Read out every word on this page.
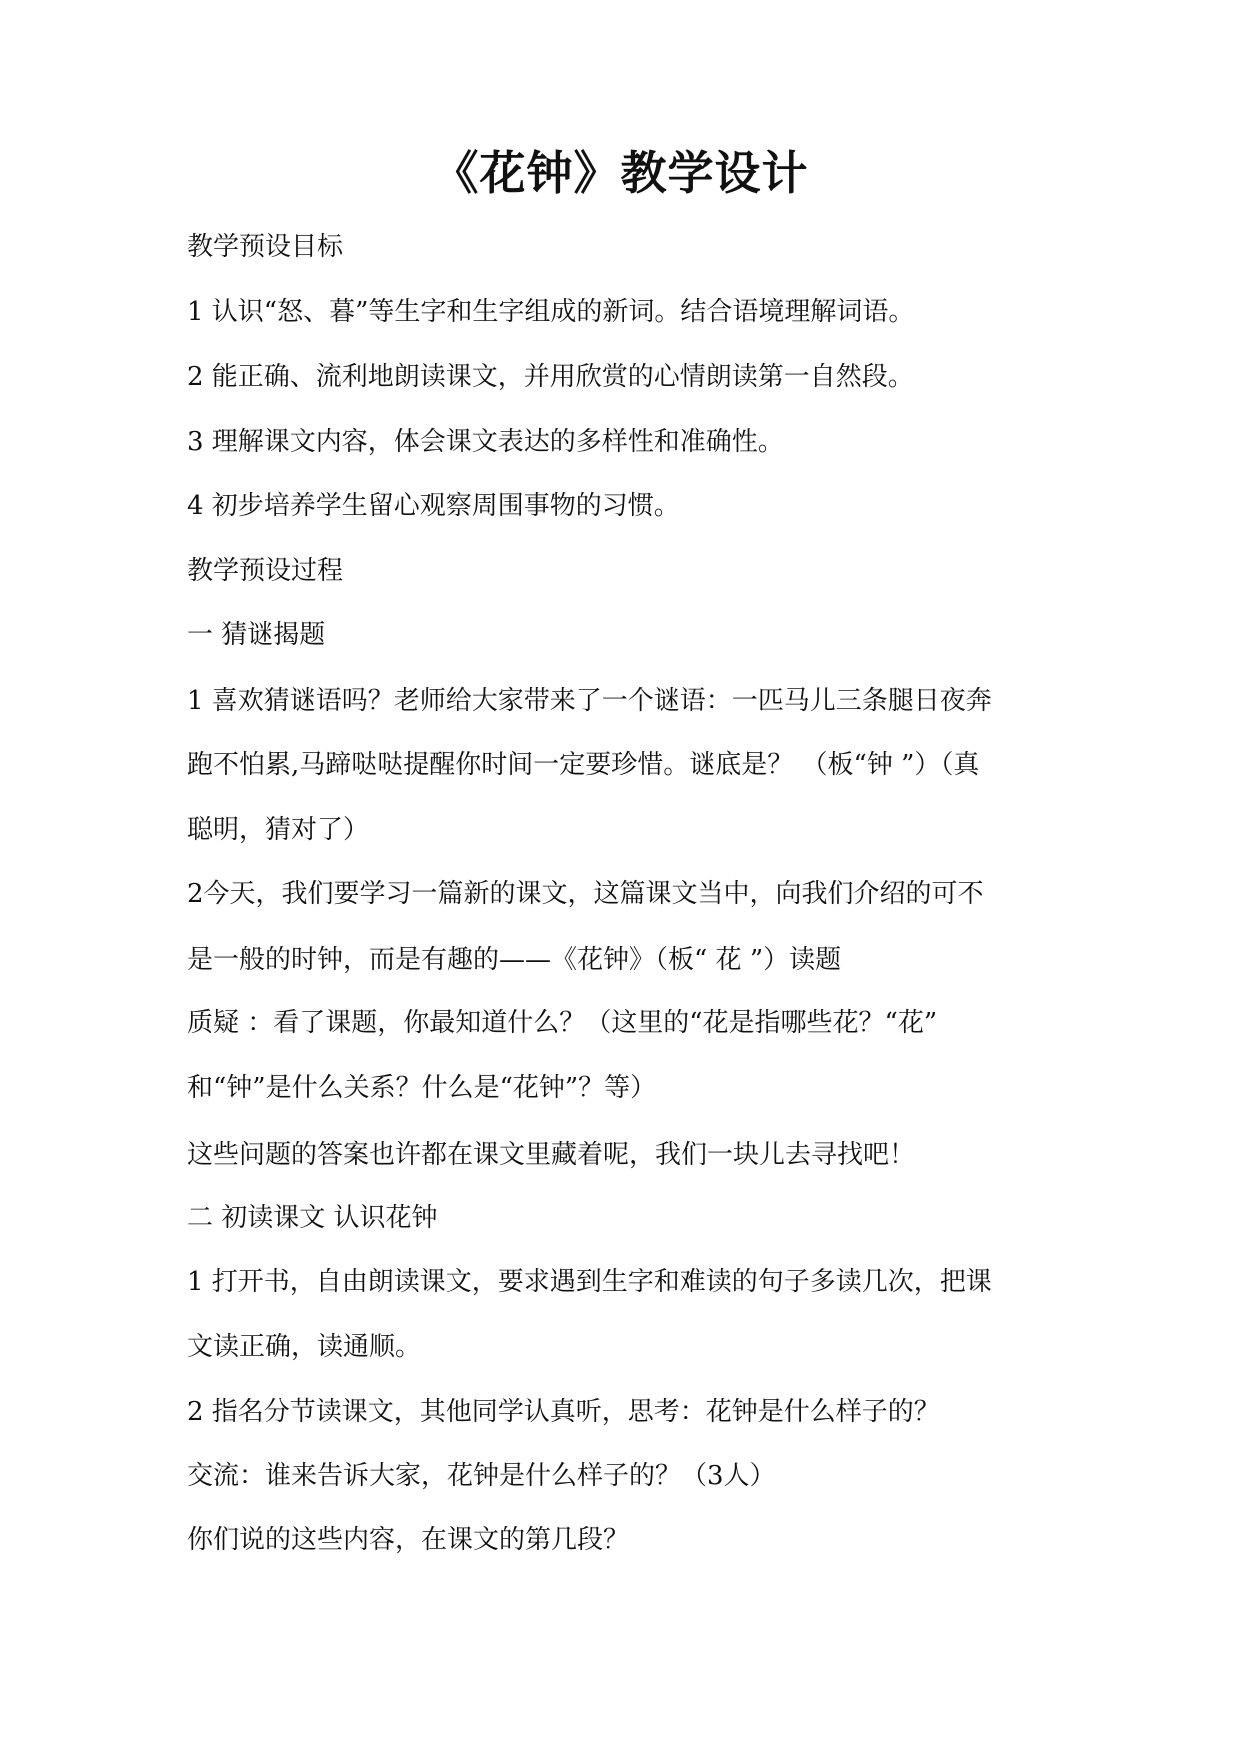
《花钟》教学设计
教学预设目标
1 认识“怒、暮”等生字和生字组成的新词。结合语境理解词语。
2 能正确、流利地朗读课文，并用欣赏的心情朗读第一自然段。
3 理解课文内容，体会课文表达的多样性和准确性。
4 初步培养学生留心观察周围事物的习惯。
教学预设过程
一 猜谜揭题
1 喜欢猜谜语吗？老师给大家带来了一个谜语：一匹马儿三条腿日夜奔
跑不怕累,马蹄哒哒提醒你时间一定要珍惜。谜底是？ （板“钟 ”）（真
聪明，猜对了）
2今天，我们要学习一篇新的课文，这篇课文当中，向我们介绍的可不
是一般的时钟，而是有趣的——《花钟》（板“ 花 ”）读题
质疑 ：看了课题，你最知道什么？（这里的“花是指哪些花？“花”
和“钟”是什么关系？什么是“花钟”？等）
这些问题的答案也许都在课文里藏着呢，我们一块儿去寻找吧！
二 初读课文 认识花钟
1 打开书，自由朗读课文，要求遇到生字和难读的句子多读几次，把课
文读正确，读通顺。
2 指名分节读课文，其他同学认真听，思考：花钟是什么样子的？
交流：谁来告诉大家，花钟是什么样子的？（3人）
你们说的这些内容，在课文的第几段？
